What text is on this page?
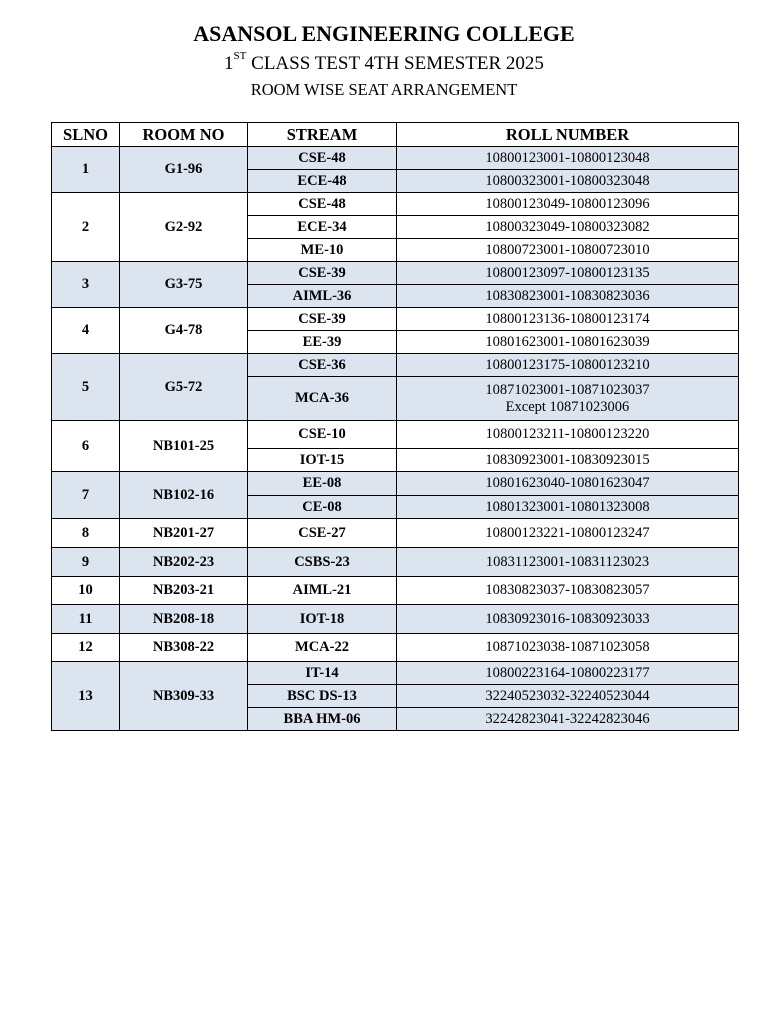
ASANSOL ENGINEERING COLLEGE
1ST CLASS TEST 4TH SEMESTER 2025
ROOM WISE SEAT ARRANGEMENT
SLNO	ROOM NO	STREAM	ROLL NUMBER
1	G1-96	CSE-48	10800123001-10800123048

		ECE-48	10800323001-10800323048

2	G2-92	CSE-48	10800123049-10800123096

		ECE-34	10800323049-10800323082

		ME-10	10800723001-10800723010

3	G3-75	CSE-39	10800123097-10800123135

		AIML-36	10830823001-10830823036

4	G4-78	CSE-39	10800123136-10800123174

		EE-39	10801623001-10801623039

5	G5-72	CSE-36	10800123175-10800123210

		MCA-36	10871023001-10871023037
Except 10871023006

6	NB101-25	CSE-10	10800123211-10800123220

		IOT-15	10830923001-10830923015

7	NB102-16	EE-08	10801623040-10801623047

		CE-08	10801323001-10801323008

8	NB201-27	CSE-27	10800123221-10800123247

9	NB202-23	CSBS-23	10831123001-10831123023

10	NB203-21	AIML-21	10830823037-10830823057

11	NB208-18	IOT-18	10830923016-10830923033

12	NB308-22	MCA-22	10871023038-10871023058

13	NB309-33	IT-14	10800223164-10800223177

		BSC DS-13	32240523032-32240523044

		BBA HM-06	32242823041-32242823046
